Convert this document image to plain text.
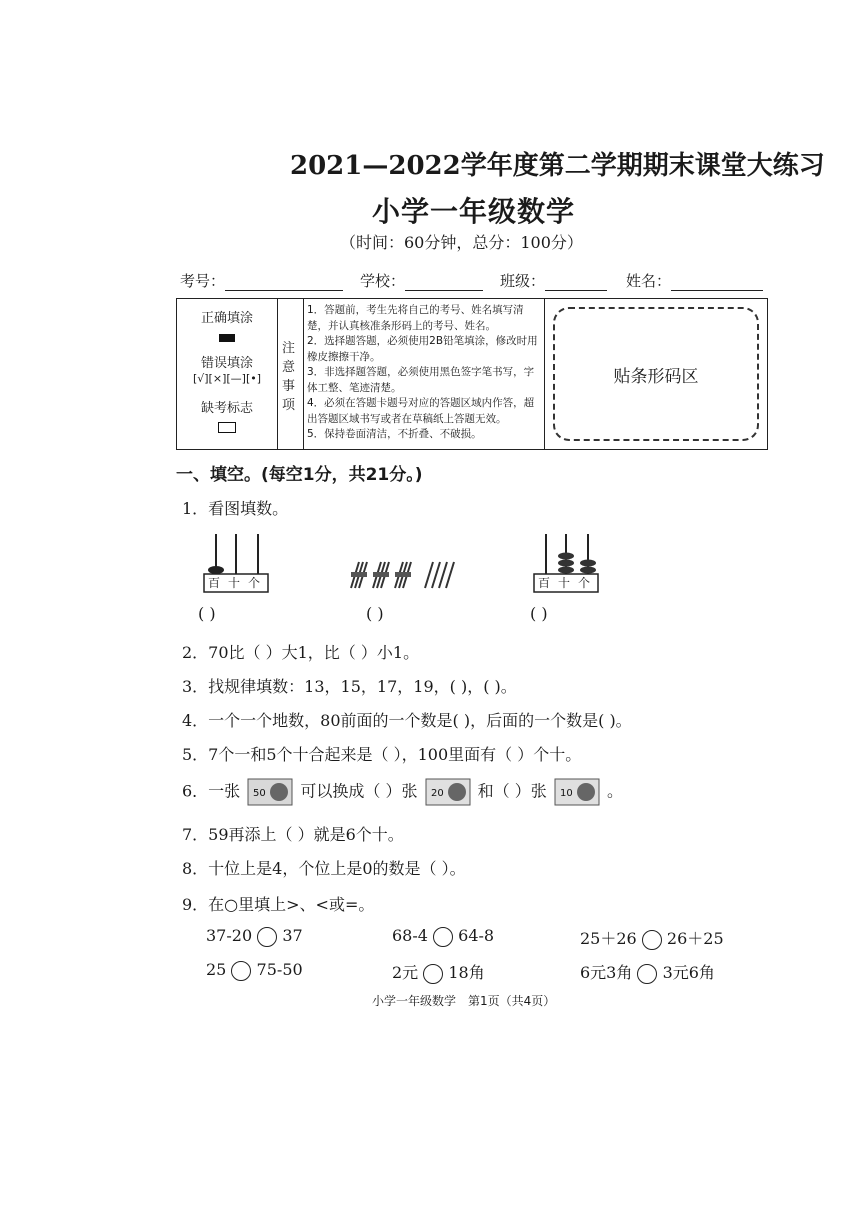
2021—2022学年度第二学期期末课堂大练习
小学一年级数学
（时间：60分钟，总分：100分）
考号：	学校：	班级：	姓名：
正确填涂
错误填涂
[√][×][—][•]
缺考标志
注
意
事
项
1．答题前，考生先将自己的考号、姓名填写清楚，并认真核准条形码上的考号、姓名。
2．选择题答题，必须使用2B铅笔填涂，修改时用橡皮擦擦干净。
3．非选择题答题，必须使用黑色签字笔书写，字体工整、笔迹清楚。
4．必须在答题卡题号对应的答题区域内作答，超出答题区域书写或者在草稿纸上答题无效。
5．保持卷面清洁，不折叠、不破损。
贴条形码区
一、填空。(每空1分，共21分。)
1．看图填数。
百十个	百十个
( )	( )	( )
2．70比（ ）大1，比（ ）小1。
3．找规律填数：13，15，17，19，( )，( )。
4．一个一个地数，80前面的一个数是( )，后面的一个数是( )。
5．7个一和5个十合起来是（ ），100里面有（ ）个十。
6．一张 50 可以换成（ ）张 20 和（ ）张 10 。
7．59再添上（ ）就是6个十。
8．十位上是4，个位上是0的数是（ ）。
9．在○里填上>、<或=。
37-20 37	68-4 64-8	25＋26 26＋25
25 75-50	2元 18角	6元3角 3元6角
小学一年级数学　第1页（共4页）
